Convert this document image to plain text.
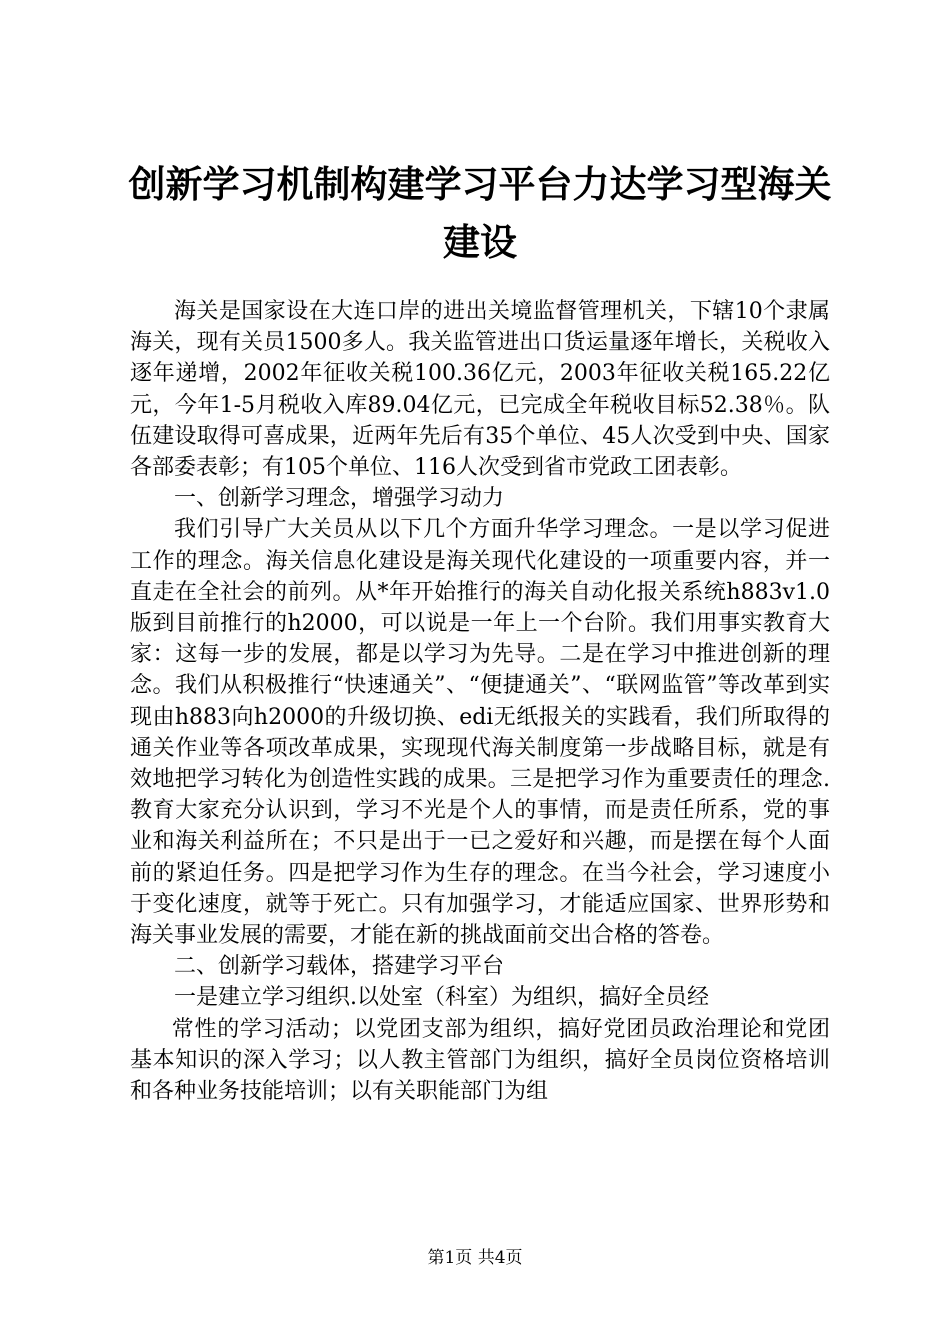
创新学习机制构建学习平台力达学习型海关建设

海关是国家设在大连口岸的进出关境监督管理机关，下辖10个隶属海关，现有关员1500多人。我关监管进出口货运量逐年增长，关税收入逐年递增，2002年征收关税100.36亿元，2003年征收关税165.22亿元，今年1-5月税收入库89.04亿元，已完成全年税收目标52.38％。队伍建设取得可喜成果，近两年先后有35个单位、45人次受到中央、国家各部委表彰；有105个单位、116人次受到省市党政工团表彰。

一、创新学习理念，增强学习动力

我们引导广大关员从以下几个方面升华学习理念。一是以学习促进工作的理念。海关信息化建设是海关现代化建设的一项重要内容，并一直走在全社会的前列。从*年开始推行的海关自动化报关系统h883v1.0版到目前推行的h2000，可以说是一年上一个台阶。我们用事实教育大家：这每一步的发展，都是以学习为先导。二是在学习中推进创新的理念。我们从积极推行“快速通关”、“便捷通关”、“联网监管”等改革到实现由h883向h2000的升级切换、edi无纸报关的实践看，我们所取得的通关作业等各项改革成果，实现现代海关制度第一步战略目标，就是有效地把学习转化为创造性实践的成果。三是把学习作为重要责任的理念.教育大家充分认识到，学习不光是个人的事情，而是责任所系，党的事业和海关利益所在；不只是出于一已之爱好和兴趣，而是摆在每个人面前的紧迫任务。四是把学习作为生存的理念。在当今社会，学习速度小于变化速度，就等于死亡。只有加强学习，才能适应国家、世界形势和海关事业发展的需要，才能在新的挑战面前交出合格的答卷。

二、创新学习载体，搭建学习平台

一是建立学习组织.以处室（科室）为组织，搞好全员经

常性的学习活动；以党团支部为组织，搞好党团员政治理论和党团基本知识的深入学习；以人教主管部门为组织，搞好全员岗位资格培训和各种业务技能培训；以有关职能部门为组

第1页 共4页
